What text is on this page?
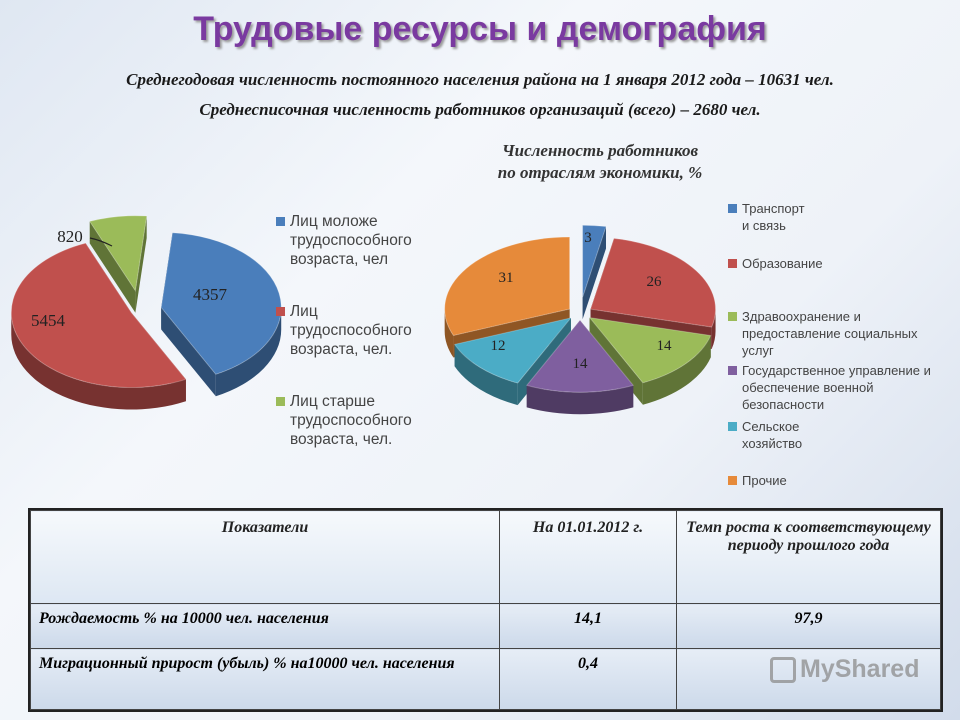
Трудовые ресурсы и демография
Среднегодовая численность постоянного населения района на 1 января 2012 года – 10631 чел.
Среднесписочная численность работников организаций (всего) – 2680 чел.
4357
5454
820
Лиц моложе трудоспособного возраста, чел
Лиц трудоспособного возраста, чел.
Лиц старше трудоспособного возраста, чел.
Численность работников
по отраслям экономики, %
3
26
14
14
12
31
Транспорт и связь
Образование
Здравоохранение и предоставление социальных услуг
Государственное управление и обеспечение военной безопасности
Сельское хозяйство
Прочие
Показатели	На 01.01.2012 г.	Темп роста к соответствующему периоду прошлого года
Рождаемость % на 10000 чел. населения	14,1	97,9
Миграционный прирост (убыль) % на10000 чел. населения	0,4		MyShared
